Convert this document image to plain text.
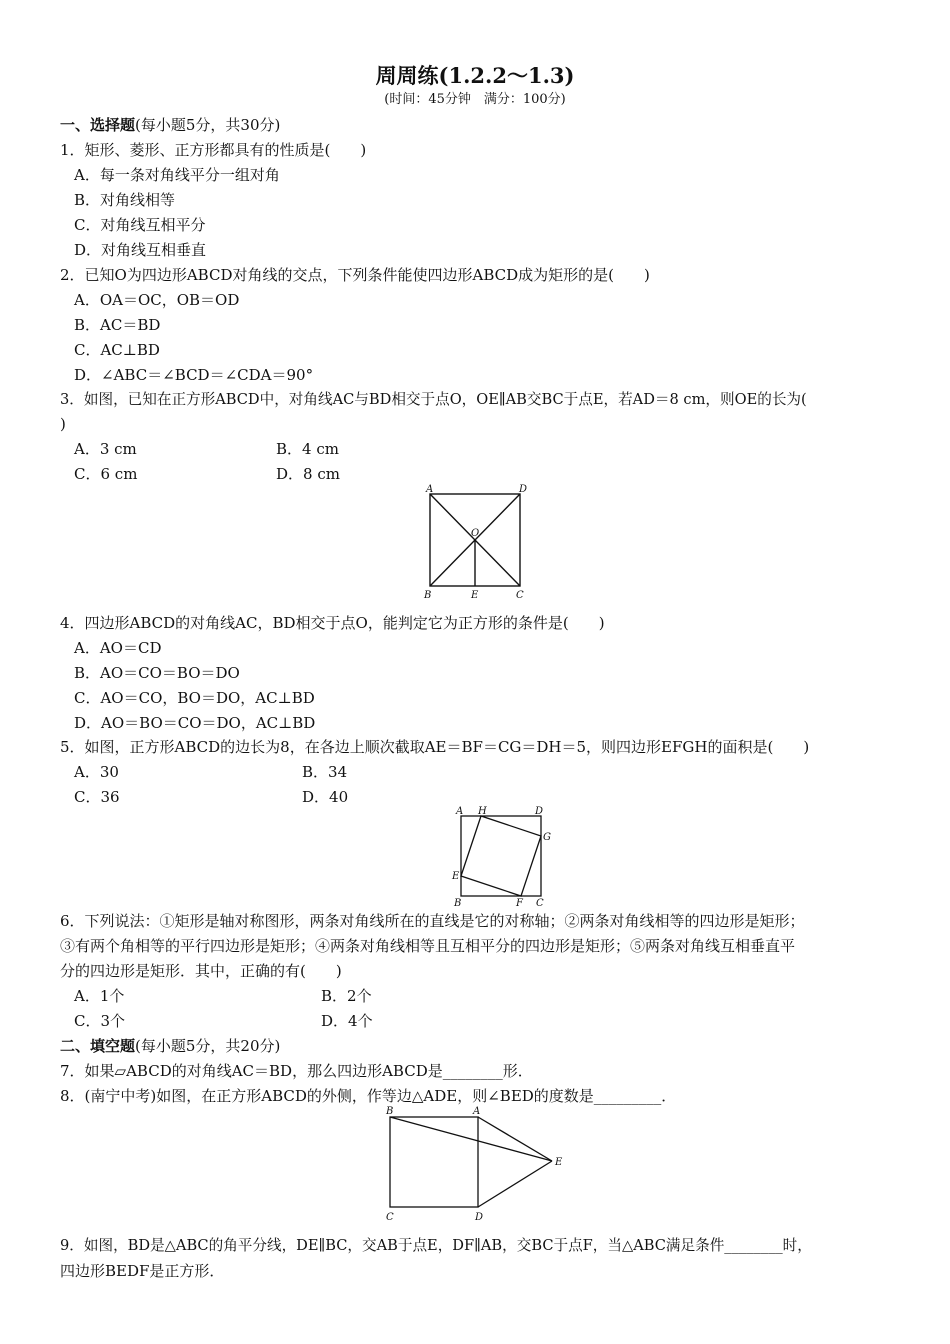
周周练(1.2.2～1.3)
(时间：45分钟　满分：100分)
一、选择题(每小题5分，共30分)
1．矩形、菱形、正方形都具有的性质是(　　)
A．每一条对角线平分一组对角
B．对角线相等
C．对角线互相平分
D．对角线互相垂直
2．已知O为四边形ABCD对角线的交点，下列条件能使四边形ABCD成为矩形的是(　　)
A．OA＝OC，OB＝OD
B．AC＝BD
C．AC⊥BD
D．∠ABC＝∠BCD＝∠CDA＝90°
3．如图，已知在正方形ABCD中，对角线AC与BD相交于点O，OE∥AB交BC于点E，若AD＝8 cm，则OE的长为(
)
A．3 cm	B．4 cm
C．6 cm	D．8 cm
A	D
O
B	E	C
4．四边形ABCD的对角线AC，BD相交于点O，能判定它为正方形的条件是(　　)
A．AO＝CD
B．AO＝CO＝BO＝DO
C．AO＝CO，BO＝DO，AC⊥BD
D．AO＝BO＝CO＝DO，AC⊥BD
5．如图，正方形ABCD的边长为8，在各边上顺次截取AE＝BF＝CG＝DH＝5，则四边形EFGH的面积是(　　)
A．30	B．34
C．36	D．40
A H	D
G
E
B	F C
6．下列说法：①矩形是轴对称图形，两条对角线所在的直线是它的对称轴；②两条对角线相等的四边形是矩形；
③有两个角相等的平行四边形是矩形；④两条对角线相等且互相平分的四边形是矩形；⑤两条对角线互相垂直平
分的四边形是矩形．其中，正确的有(　　)
A．1个	B．2个
C．3个	D．4个
二、填空题(每小题5分，共20分)
7．如果▱ABCD的对角线AC＝BD，那么四边形ABCD是________形．
8．(南宁中考)如图，在正方形ABCD的外侧，作等边△ADE，则∠BED的度数是_________．
B	A
E
C	D
9．如图，BD是△ABC的角平分线，DE∥BC，交AB于点E，DF∥AB，交BC于点F，当△ABC满足条件________时，
四边形BEDF是正方形．
